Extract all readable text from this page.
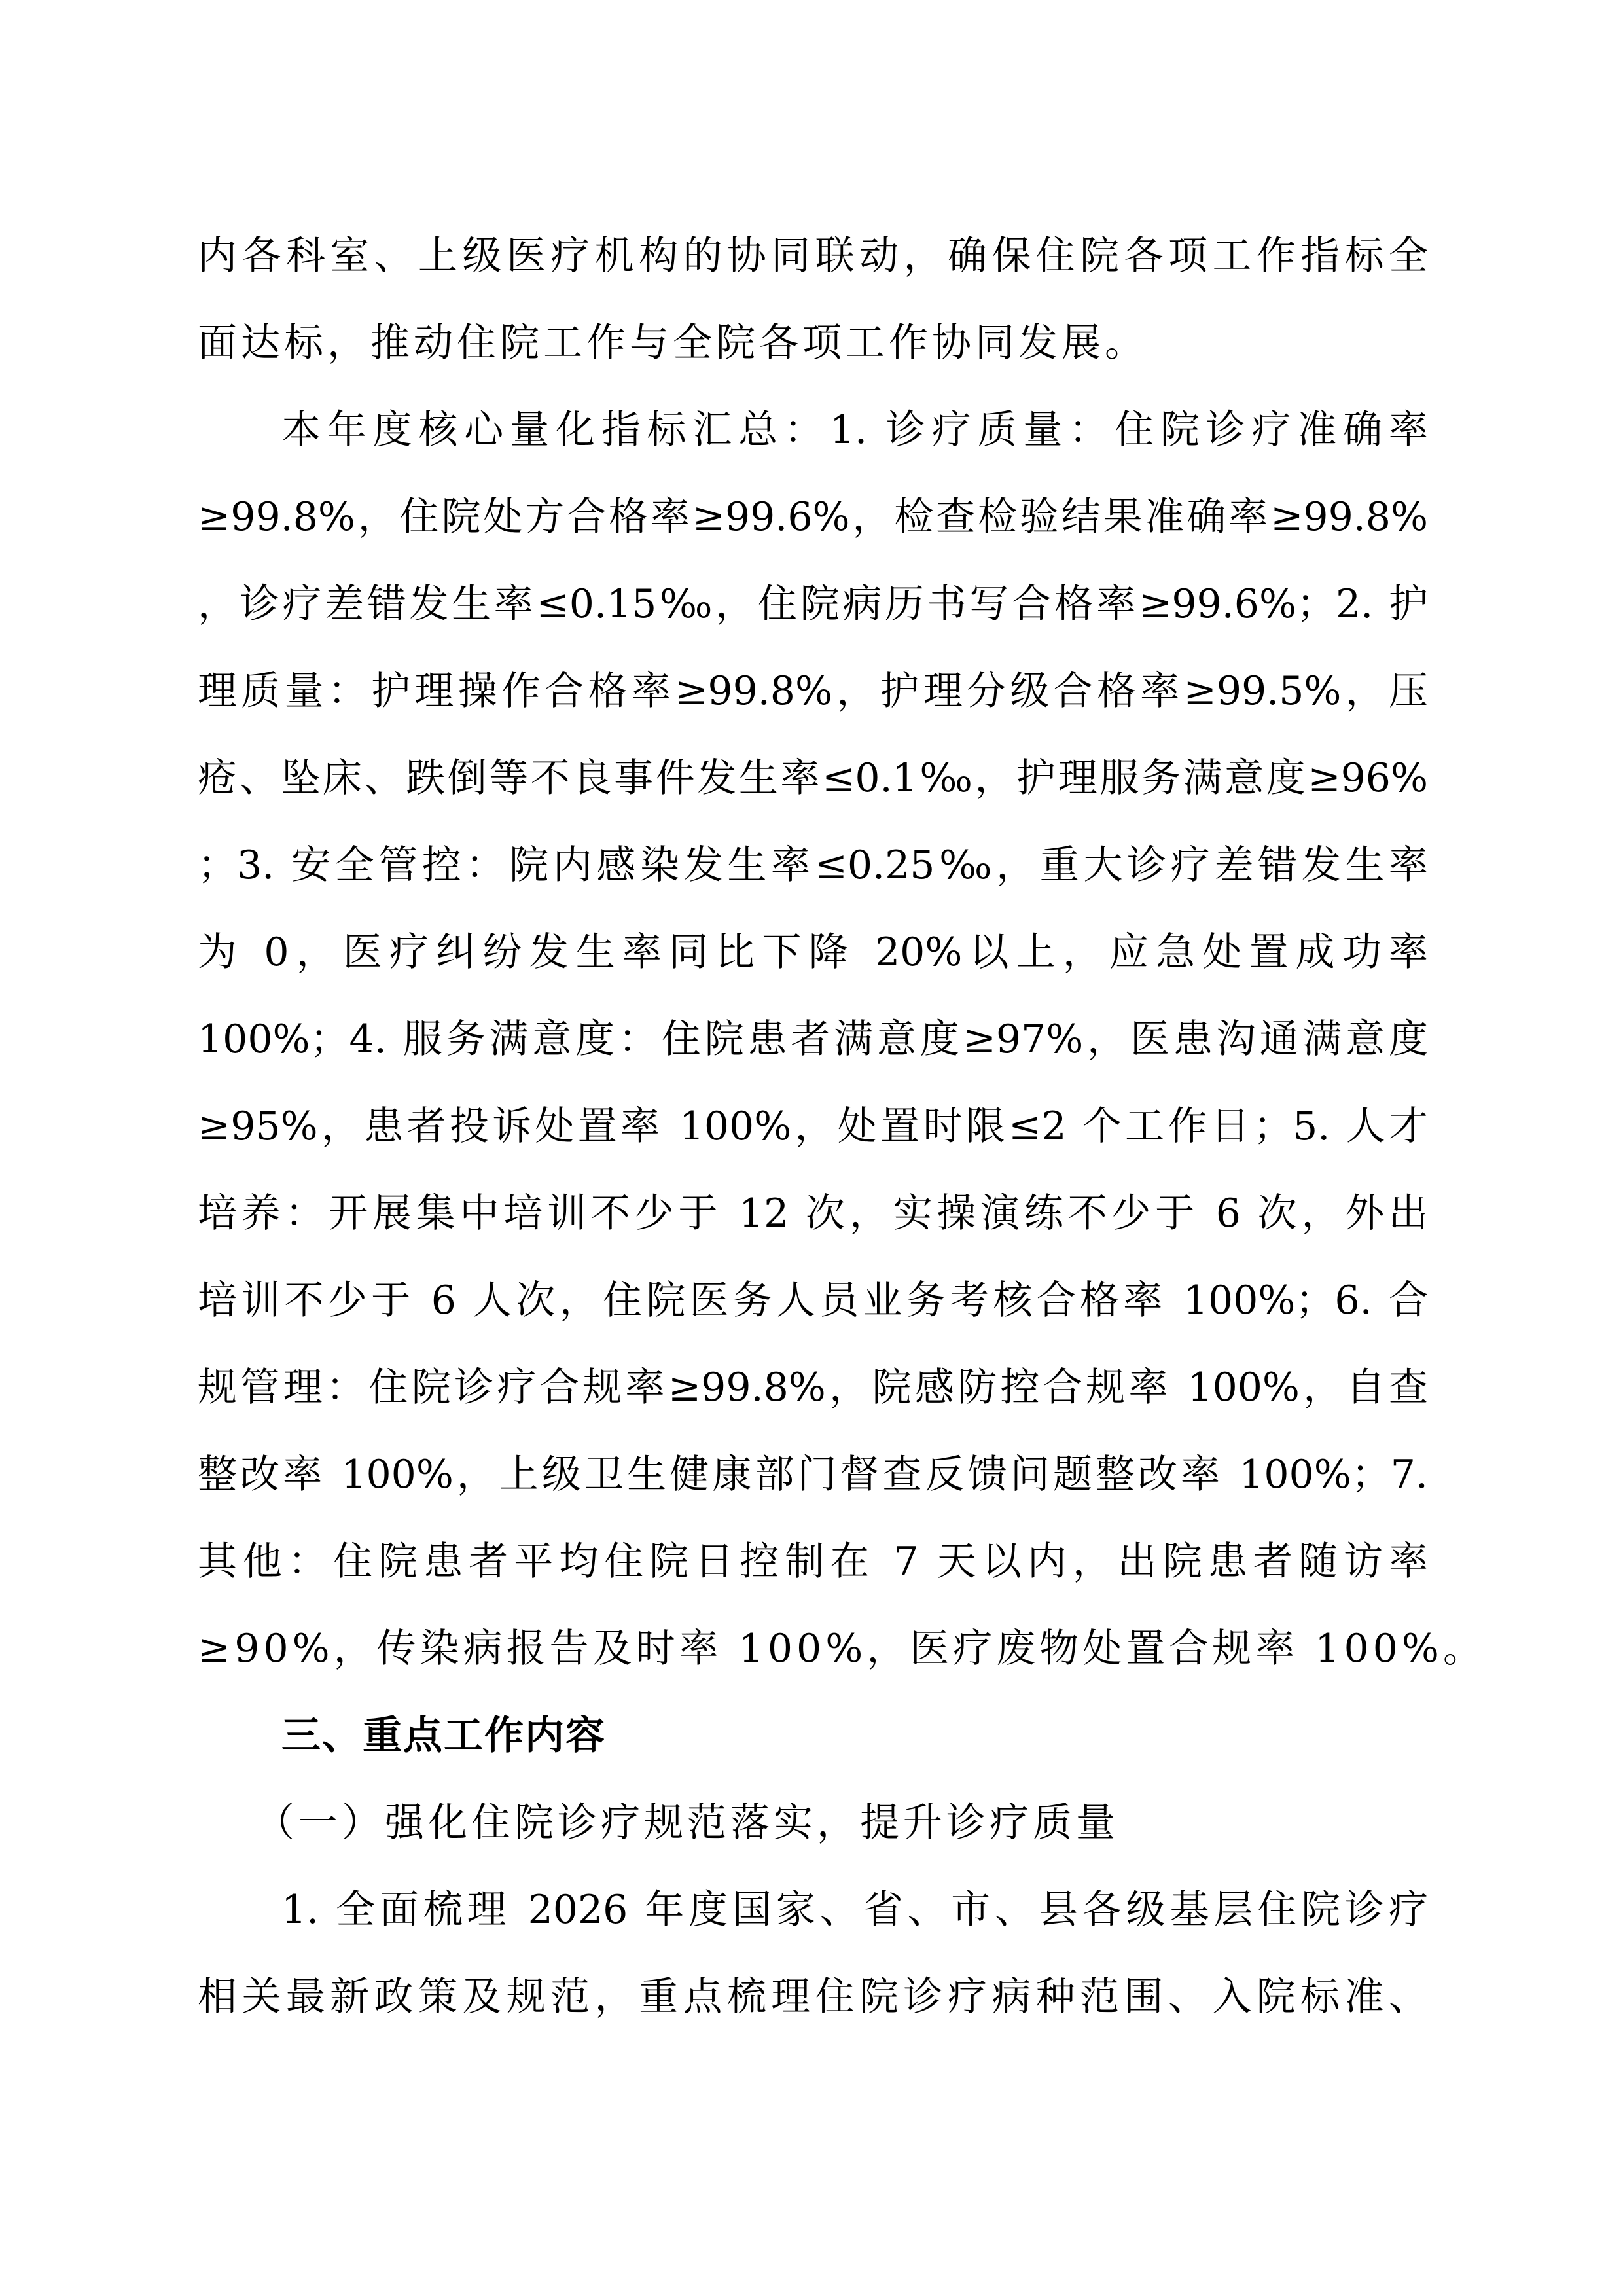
内各科室、上级医疗机构的协同联动，确保住院各项工作指标全
面达标，推动住院工作与全院各项工作协同发展。
本年度核心量化指标汇总：1. 诊疗质量：住院诊疗准确率
≥99.8%，住院处方合格率≥99.6%，检查检验结果准确率≥99.8%
，诊疗差错发生率≤0.15‰，住院病历书写合格率≥99.6%；2. 护
理质量：护理操作合格率≥99.8%，护理分级合格率≥99.5%，压
疮、坠床、跌倒等不良事件发生率≤0.1‰，护理服务满意度≥96%
；3. 安全管控：院内感染发生率≤0.25‰，重大诊疗差错发生率
为 0，医疗纠纷发生率同比下降 20%以上，应急处置成功率
100%；4. 服务满意度：住院患者满意度≥97%，医患沟通满意度
≥95%，患者投诉处置率 100%，处置时限≤2 个工作日；5. 人才
培养：开展集中培训不少于 12 次，实操演练不少于 6 次，外出
培训不少于 6 人次，住院医务人员业务考核合格率 100%；6. 合
规管理：住院诊疗合规率≥99.8%，院感防控合规率 100%，自查
整改率 100%，上级卫生健康部门督查反馈问题整改率 100%；7.
其他：住院患者平均住院日控制在 7 天以内，出院患者随访率
≥90%，传染病报告及时率 100%，医疗废物处置合规率 100%。
三、重点工作内容
（一）强化住院诊疗规范落实，提升诊疗质量
1. 全面梳理 2026 年度国家、省、市、县各级基层住院诊疗
相关最新政策及规范，重点梳理住院诊疗病种范围、入院标准、
